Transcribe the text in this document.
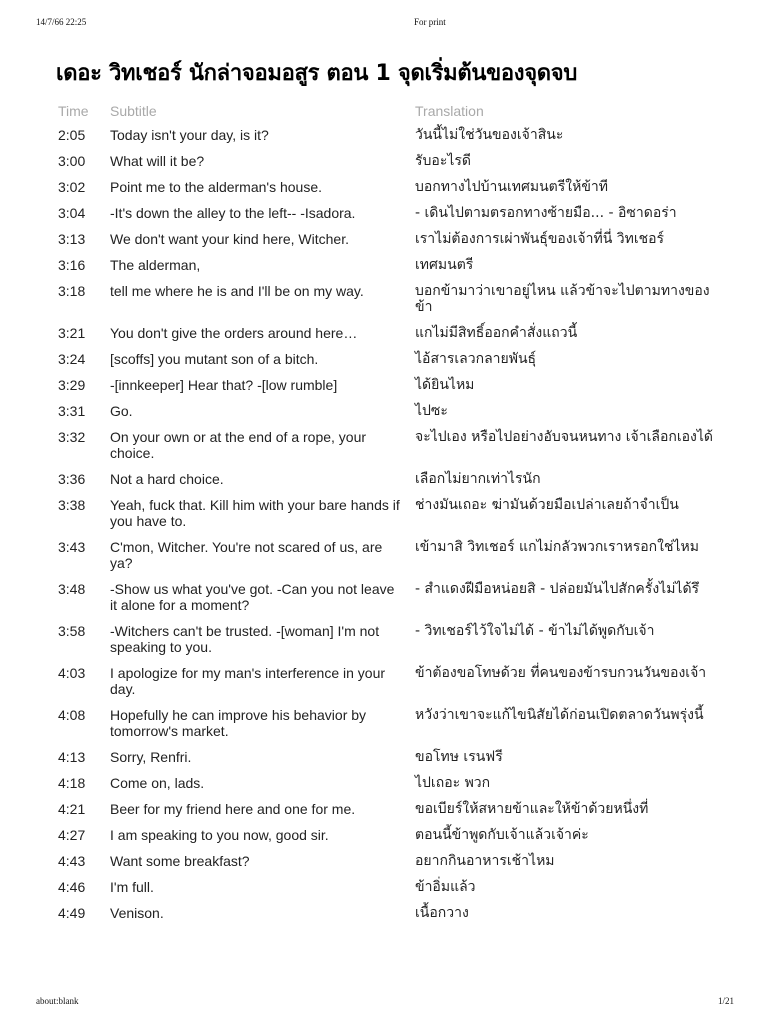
14/7/66 22:25	For print
เดอะ วิทเชอร์ นักล่าจอมอสูร ตอน 1 จุดเริ่มต้นของจุดจบ
Time	Subtitle	Translation
2:05	Today isn't your day, is it?	วันนี้ไม่ใช่วันของเจ้าสินะ
3:00	What will it be?	รับอะไรดี
3:02	Point me to the alderman's house.	บอกทางไปบ้านเทศมนตรีให้ข้าที
3:04	-It's down the alley to the left-- -Isadora.	- เดินไปตามตรอกทางซ้ายมือ... - อิซาดอร่า
3:13	We don't want your kind here, Witcher.	เราไม่ต้องการเผ่าพันธุ์ของเจ้าที่นี่ วิทเชอร์
3:16	The alderman,	เทศมนตรี
3:18	tell me where he is and I'll be on my way.	บอกข้ามาว่าเขาอยู่ไหน แล้วข้าจะไปตามทางของข้า
3:21	You don't give the orders around here…	แกไม่มีสิทธิ์ออกคำสั่งแถวนี้
3:24	[scoffs] you mutant son of a bitch.	ไอ้สารเลวกลายพันธุ์
3:29	-[innkeeper] Hear that? -[low rumble]	ได้ยินไหม
3:31	Go.	ไปซะ
3:32	On your own or at the end of a rope, your choice.	จะไปเอง หรือไปอย่างอับจนหนทาง เจ้าเลือกเองได้
3:36	Not a hard choice.	เลือกไม่ยากเท่าไรนัก
3:38	Yeah, fuck that. Kill him with your bare hands if you have to.	ช่างมันเถอะ ฆ่ามันด้วยมือเปล่าเลยถ้าจำเป็น
3:43	C'mon, Witcher. You're not scared of us, are ya?	เข้ามาสิ วิทเชอร์ แกไม่กลัวพวกเราหรอกใช่ไหม
3:48	-Show us what you've got. -Can you not leave it alone for a moment?	- สำแดงฝีมือหน่อยสิ - ปล่อยมันไปสักครั้งไม่ได้รึ
3:58	-Witchers can't be trusted. -[woman] I'm not speaking to you.	- วิทเชอร์ไว้ใจไม่ได้ - ข้าไม่ได้พูดกับเจ้า
4:03	I apologize for my man's interference in your day.	ข้าต้องขอโทษด้วย ที่คนของข้ารบกวนวันของเจ้า
4:08	Hopefully he can improve his behavior by tomorrow's market.	หวังว่าเขาจะแก้ไขนิสัยได้ก่อนเปิดตลาดวันพรุ่งนี้
4:13	Sorry, Renfri.	ขอโทษ เรนฟรี
4:18	Come on, lads.	ไปเถอะ พวก
4:21	Beer for my friend here and one for me.	ขอเบียร์ให้สหายข้าและให้ข้าด้วยหนึ่งที่
4:27	I am speaking to you now, good sir.	ตอนนี้ข้าพูดกับเจ้าแล้วเจ้าค่ะ
4:43	Want some breakfast?	อยากกินอาหารเช้าไหม
4:46	I'm full.	ข้าอิ่มแล้ว
4:49	Venison.	เนื้อกวาง
about:blank	1/21
